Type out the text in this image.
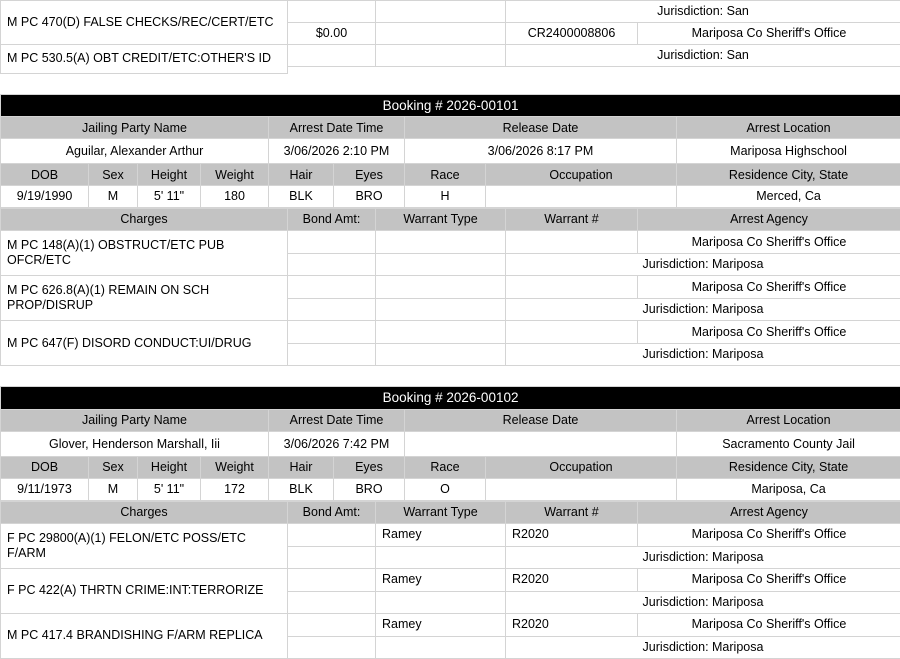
M PC 470(D) FALSE CHECKS/REC/CERT/ETC			Jurisdiction: San	
	$0.00		CR2400008806	Mariposa Co Sheriff's Office
M PC 530.5(A) OBT CREDIT/ETC:OTHER'S ID			Jurisdiction: San	

Booking # 2026-00101								
Jailing Party Name				Arrest Date Time		Release Date		Arrest Location
Aguilar, Alexander Arthur				3/06/2026 2:10 PM		3/06/2026 8:17 PM		Mariposa Highschool
DOB	Sex	Height	Weight	Hair	Eyes	Race	Occupation	Residence City, State
9/19/1990	M	5' 11"	180	BLK	BRO	H		Merced, Ca
Charges	Bond Amt:	Warrant Type	Warrant #	Arrest Agency
M PC 148(A)(1) OBSTRUCT/ETC PUB OFCR/ETC				Mariposa Co Sheriff's Office
			Jurisdiction: Mariposa	
M PC 626.8(A)(1) REMAIN ON SCH PROP/DISRUP				Mariposa Co Sheriff's Office
			Jurisdiction: Mariposa	
M PC 647(F) DISORD CONDUCT:UI/DRUG				Mariposa Co Sheriff's Office
			Jurisdiction: Mariposa	
Booking # 2026-00102								
Jailing Party Name				Arrest Date Time		Release Date		Arrest Location
Glover, Henderson Marshall, Iii				3/06/2026 7:42 PM				Sacramento County Jail
DOB	Sex	Height	Weight	Hair	Eyes	Race	Occupation	Residence City, State
9/11/1973	M	5' 11"	172	BLK	BRO	O		Mariposa, Ca
Charges	Bond Amt:	Warrant Type	Warrant #	Arrest Agency
F PC 29800(A)(1) FELON/ETC POSS/ETC F/ARM		Ramey	R2020	Mariposa Co Sheriff's Office
			Jurisdiction: Mariposa	
F PC 422(A) THRTN CRIME:INT:TERRORIZE		Ramey	R2020	Mariposa Co Sheriff's Office
			Jurisdiction: Mariposa	
M PC 417.4 BRANDISHING F/ARM REPLICA		Ramey	R2020	Mariposa Co Sheriff's Office
			Jurisdiction: Mariposa	
